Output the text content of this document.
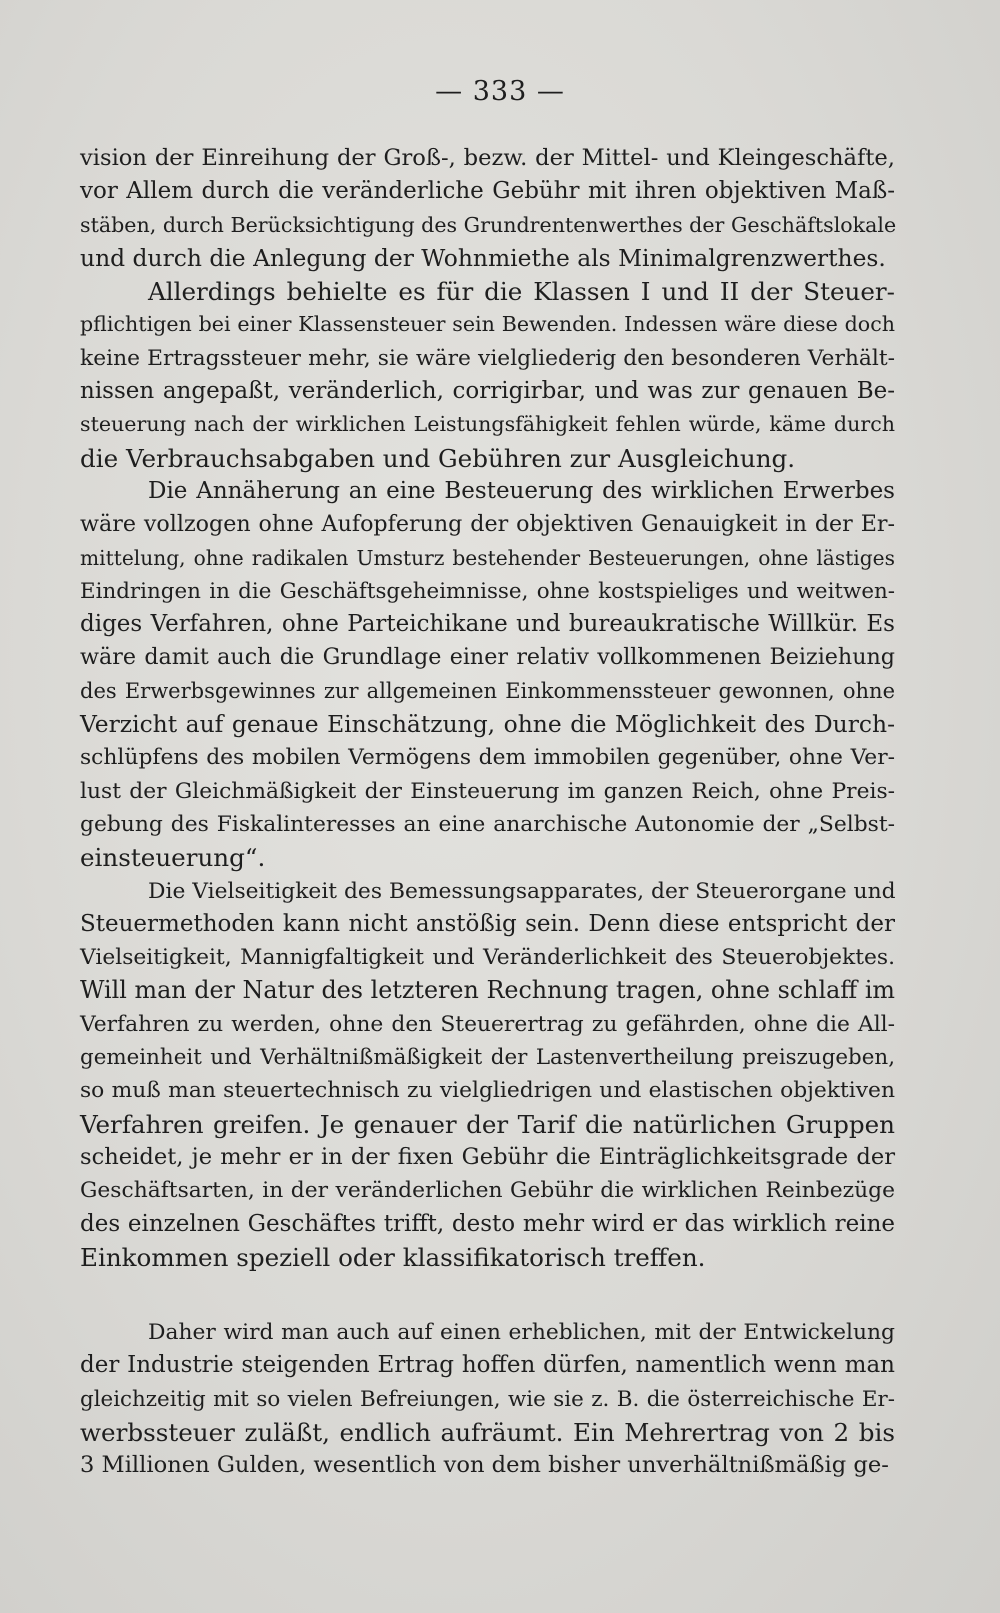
— 333 —
vision der Einreihung der Groß-, bezw. der Mittel- und Kleingeschäfte,
vor Allem durch die veränderliche Gebühr mit ihren objektiven Maß-
stäben, durch Berücksichtigung des Grundrentenwerthes der Geschäftslokale
und durch die Anlegung der Wohnmiethe als Minimalgrenzwerthes.
Allerdings behielte es für die Klassen I und II der Steuer-
pflichtigen bei einer Klassensteuer sein Bewenden. Indessen wäre diese doch
keine Ertragssteuer mehr, sie wäre vielgliederig den besonderen Verhält-
nissen angepaßt, veränderlich, corrigirbar, und was zur genauen Be-
steuerung nach der wirklichen Leistungsfähigkeit fehlen würde, käme durch
die Verbrauchsabgaben und Gebühren zur Ausgleichung.
Die Annäherung an eine Besteuerung des wirklichen Erwerbes
wäre vollzogen ohne Aufopferung der objektiven Genauigkeit in der Er-
mittelung, ohne radikalen Umsturz bestehender Besteuerungen, ohne lästiges
Eindringen in die Geschäftsgeheimnisse, ohne kostspieliges und weitwen-
diges Verfahren, ohne Parteichikane und bureaukratische Willkür. Es
wäre damit auch die Grundlage einer relativ vollkommenen Beiziehung
des Erwerbsgewinnes zur allgemeinen Einkommenssteuer gewonnen, ohne
Verzicht auf genaue Einschätzung, ohne die Möglichkeit des Durch-
schlüpfens des mobilen Vermögens dem immobilen gegenüber, ohne Ver-
lust der Gleichmäßigkeit der Einsteuerung im ganzen Reich, ohne Preis-
gebung des Fiskalinteresses an eine anarchische Autonomie der „Selbst-
einsteuerung“.
Die Vielseitigkeit des Bemessungsapparates, der Steuerorgane und
Steuermethoden kann nicht anstößig sein. Denn diese entspricht der
Vielseitigkeit, Mannigfaltigkeit und Veränderlichkeit des Steuerobjektes.
Will man der Natur des letzteren Rechnung tragen, ohne schlaff im
Verfahren zu werden, ohne den Steuerertrag zu gefährden, ohne die All-
gemeinheit und Verhältnißmäßigkeit der Lastenvertheilung preiszugeben,
so muß man steuertechnisch zu vielgliedrigen und elastischen objektiven
Verfahren greifen. Je genauer der Tarif die natürlichen Gruppen
scheidet, je mehr er in der fixen Gebühr die Einträglichkeitsgrade der
Geschäftsarten, in der veränderlichen Gebühr die wirklichen Reinbezüge
des einzelnen Geschäftes trifft, desto mehr wird er das wirklich reine
Einkommen speziell oder klassifikatorisch treffen.
Daher wird man auch auf einen erheblichen, mit der Entwickelung
der Industrie steigenden Ertrag hoffen dürfen, namentlich wenn man
gleichzeitig mit so vielen Befreiungen, wie sie z. B. die österreichische Er-
werbssteuer zuläßt, endlich aufräumt. Ein Mehrertrag von 2 bis
3 Millionen Gulden, wesentlich von dem bisher unverhältnißmäßig ge-
